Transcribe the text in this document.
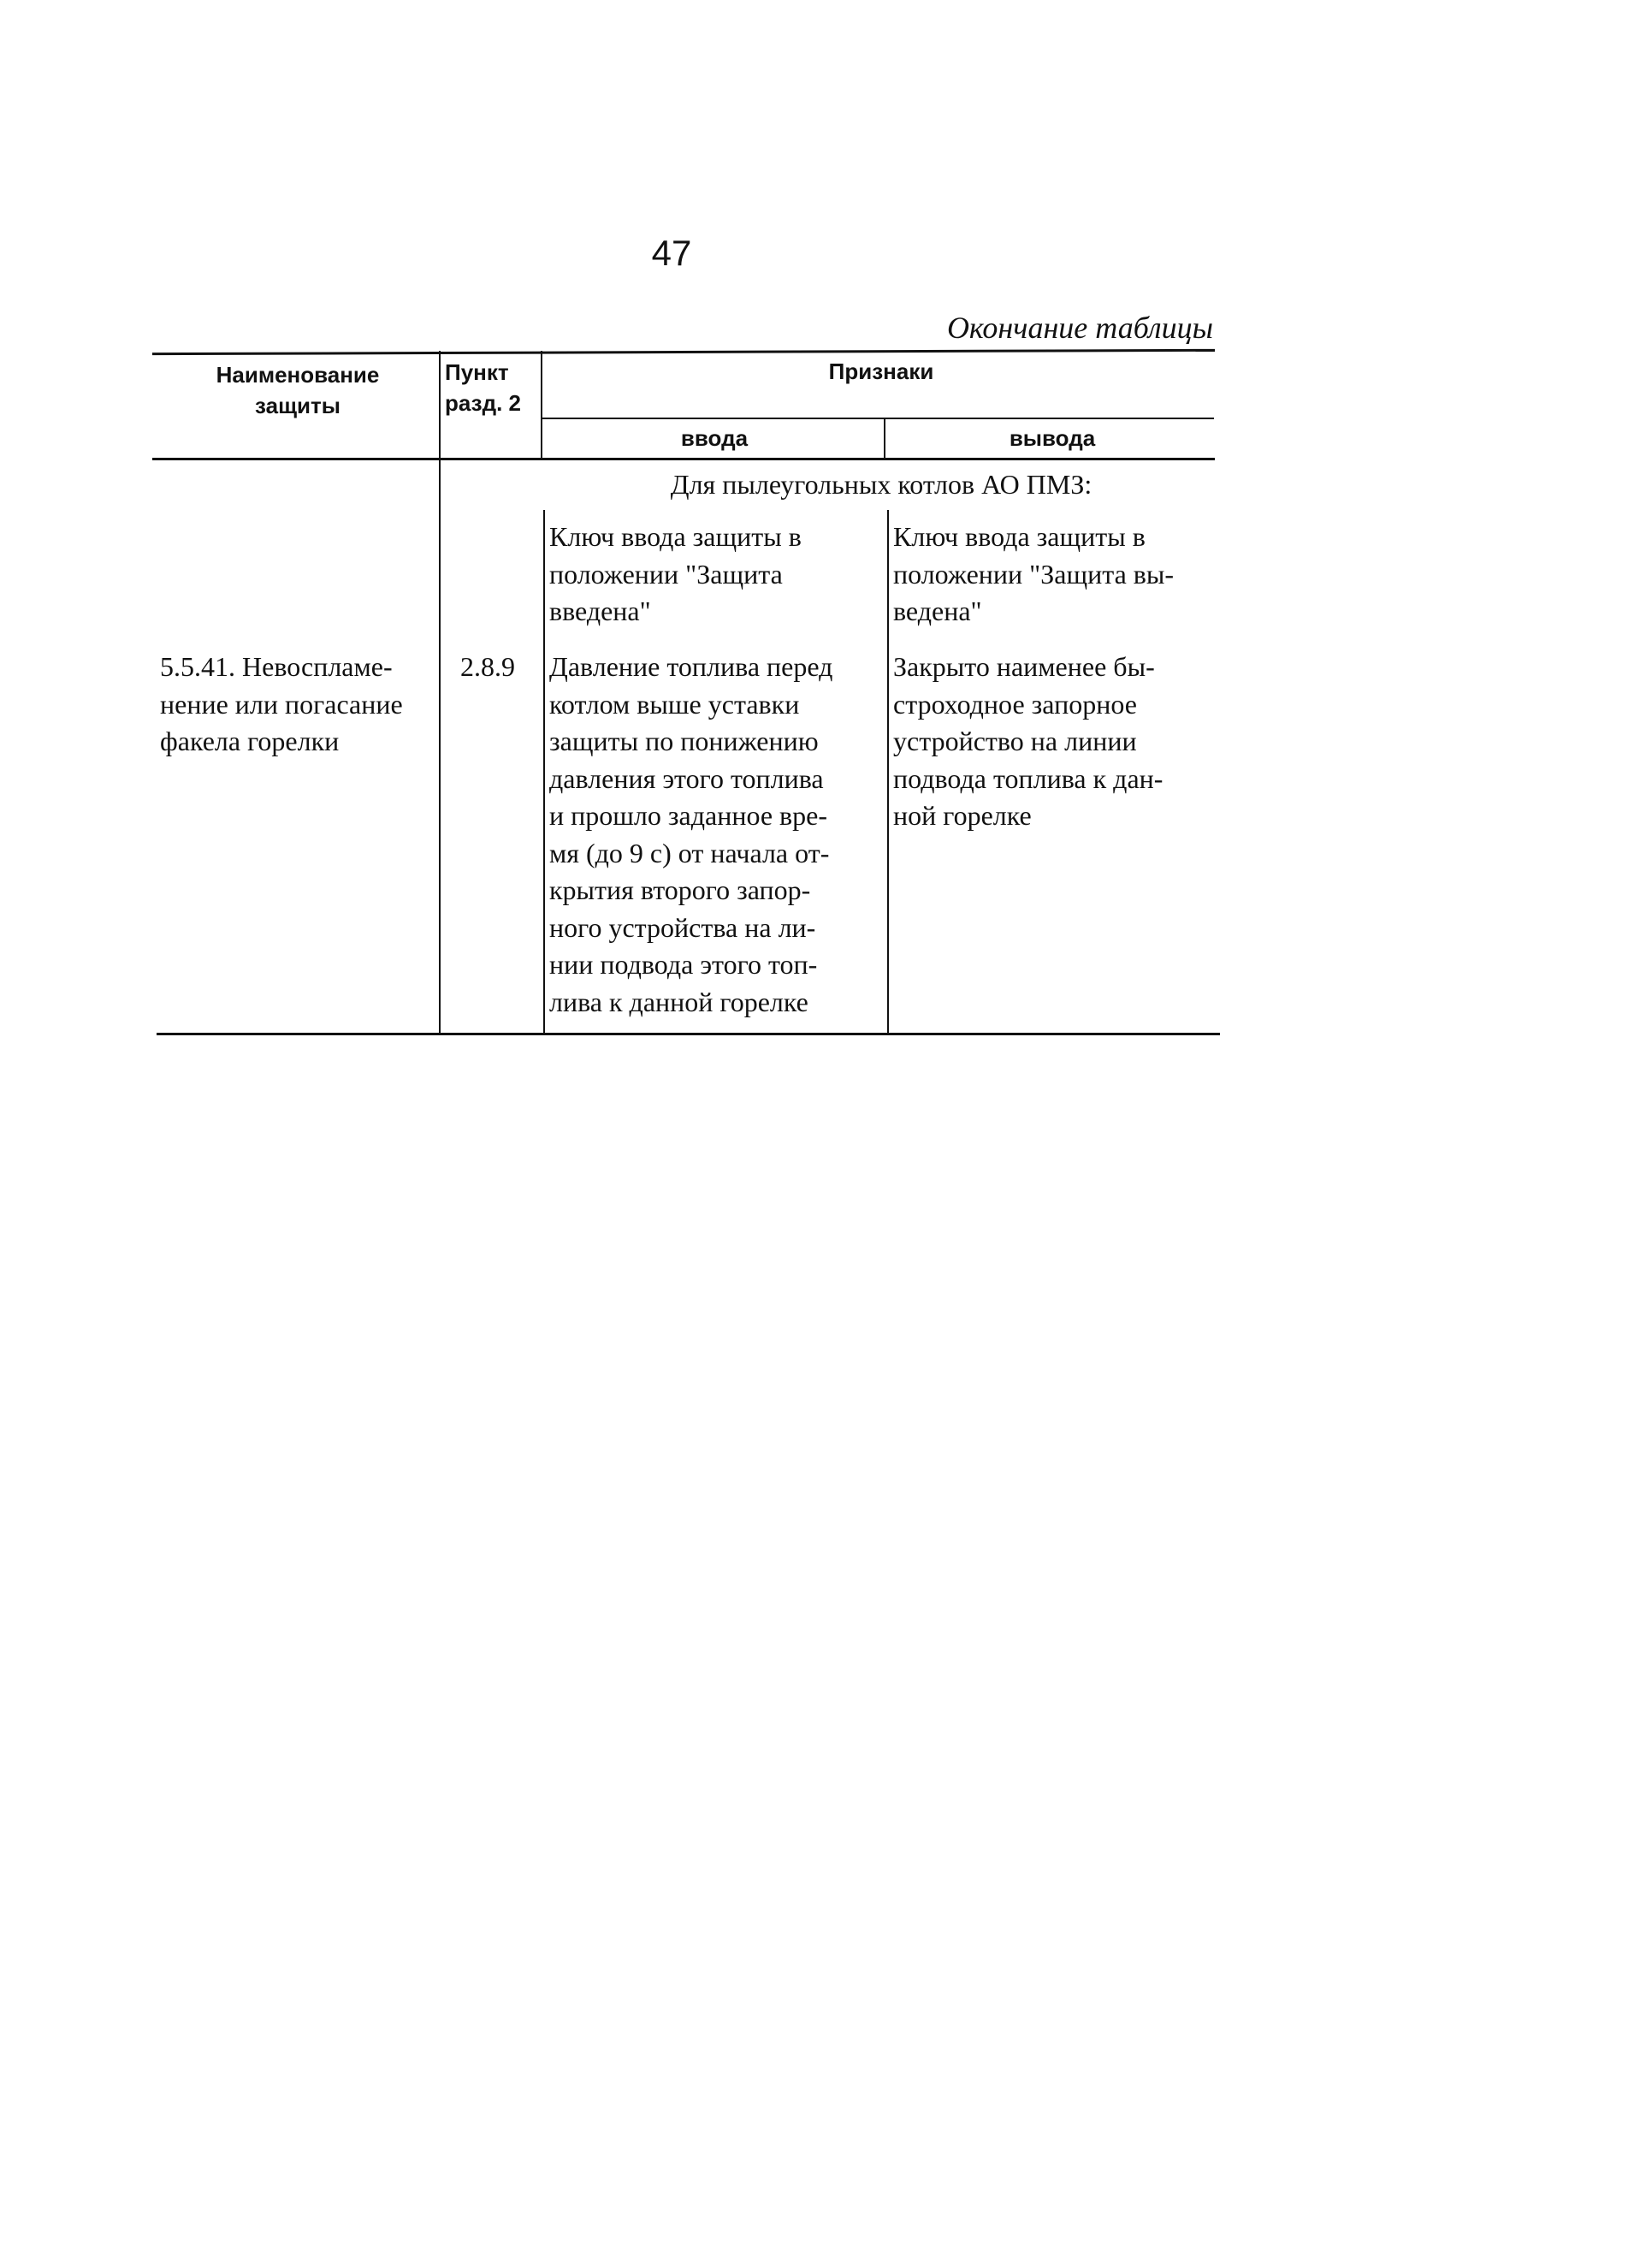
47
Окончание таблицы
Наименование
защиты
Пункт
разд. 2
Признаки
ввода	вывода
Для пылеугольных котлов АО ПМЗ:
5.5.41. Невоспламе-
нение или погасание
факела горелки
2.8.9
Ключ ввода защиты в
положении "Защита
введена"
Ключ ввода защиты в
положении "Защита вы-
ведена"
Давление топлива перед
котлом выше уставки
защиты по понижению
давления этого топлива
и прошло заданное вре-
мя (до 9 с) от начала от-
крытия второго запор-
ного устройства на ли-
нии подвода этого топ-
лива к данной горелке
Закрыто наименее бы-
строходное запорное
устройство на линии
подвода топлива к дан-
ной горелке
